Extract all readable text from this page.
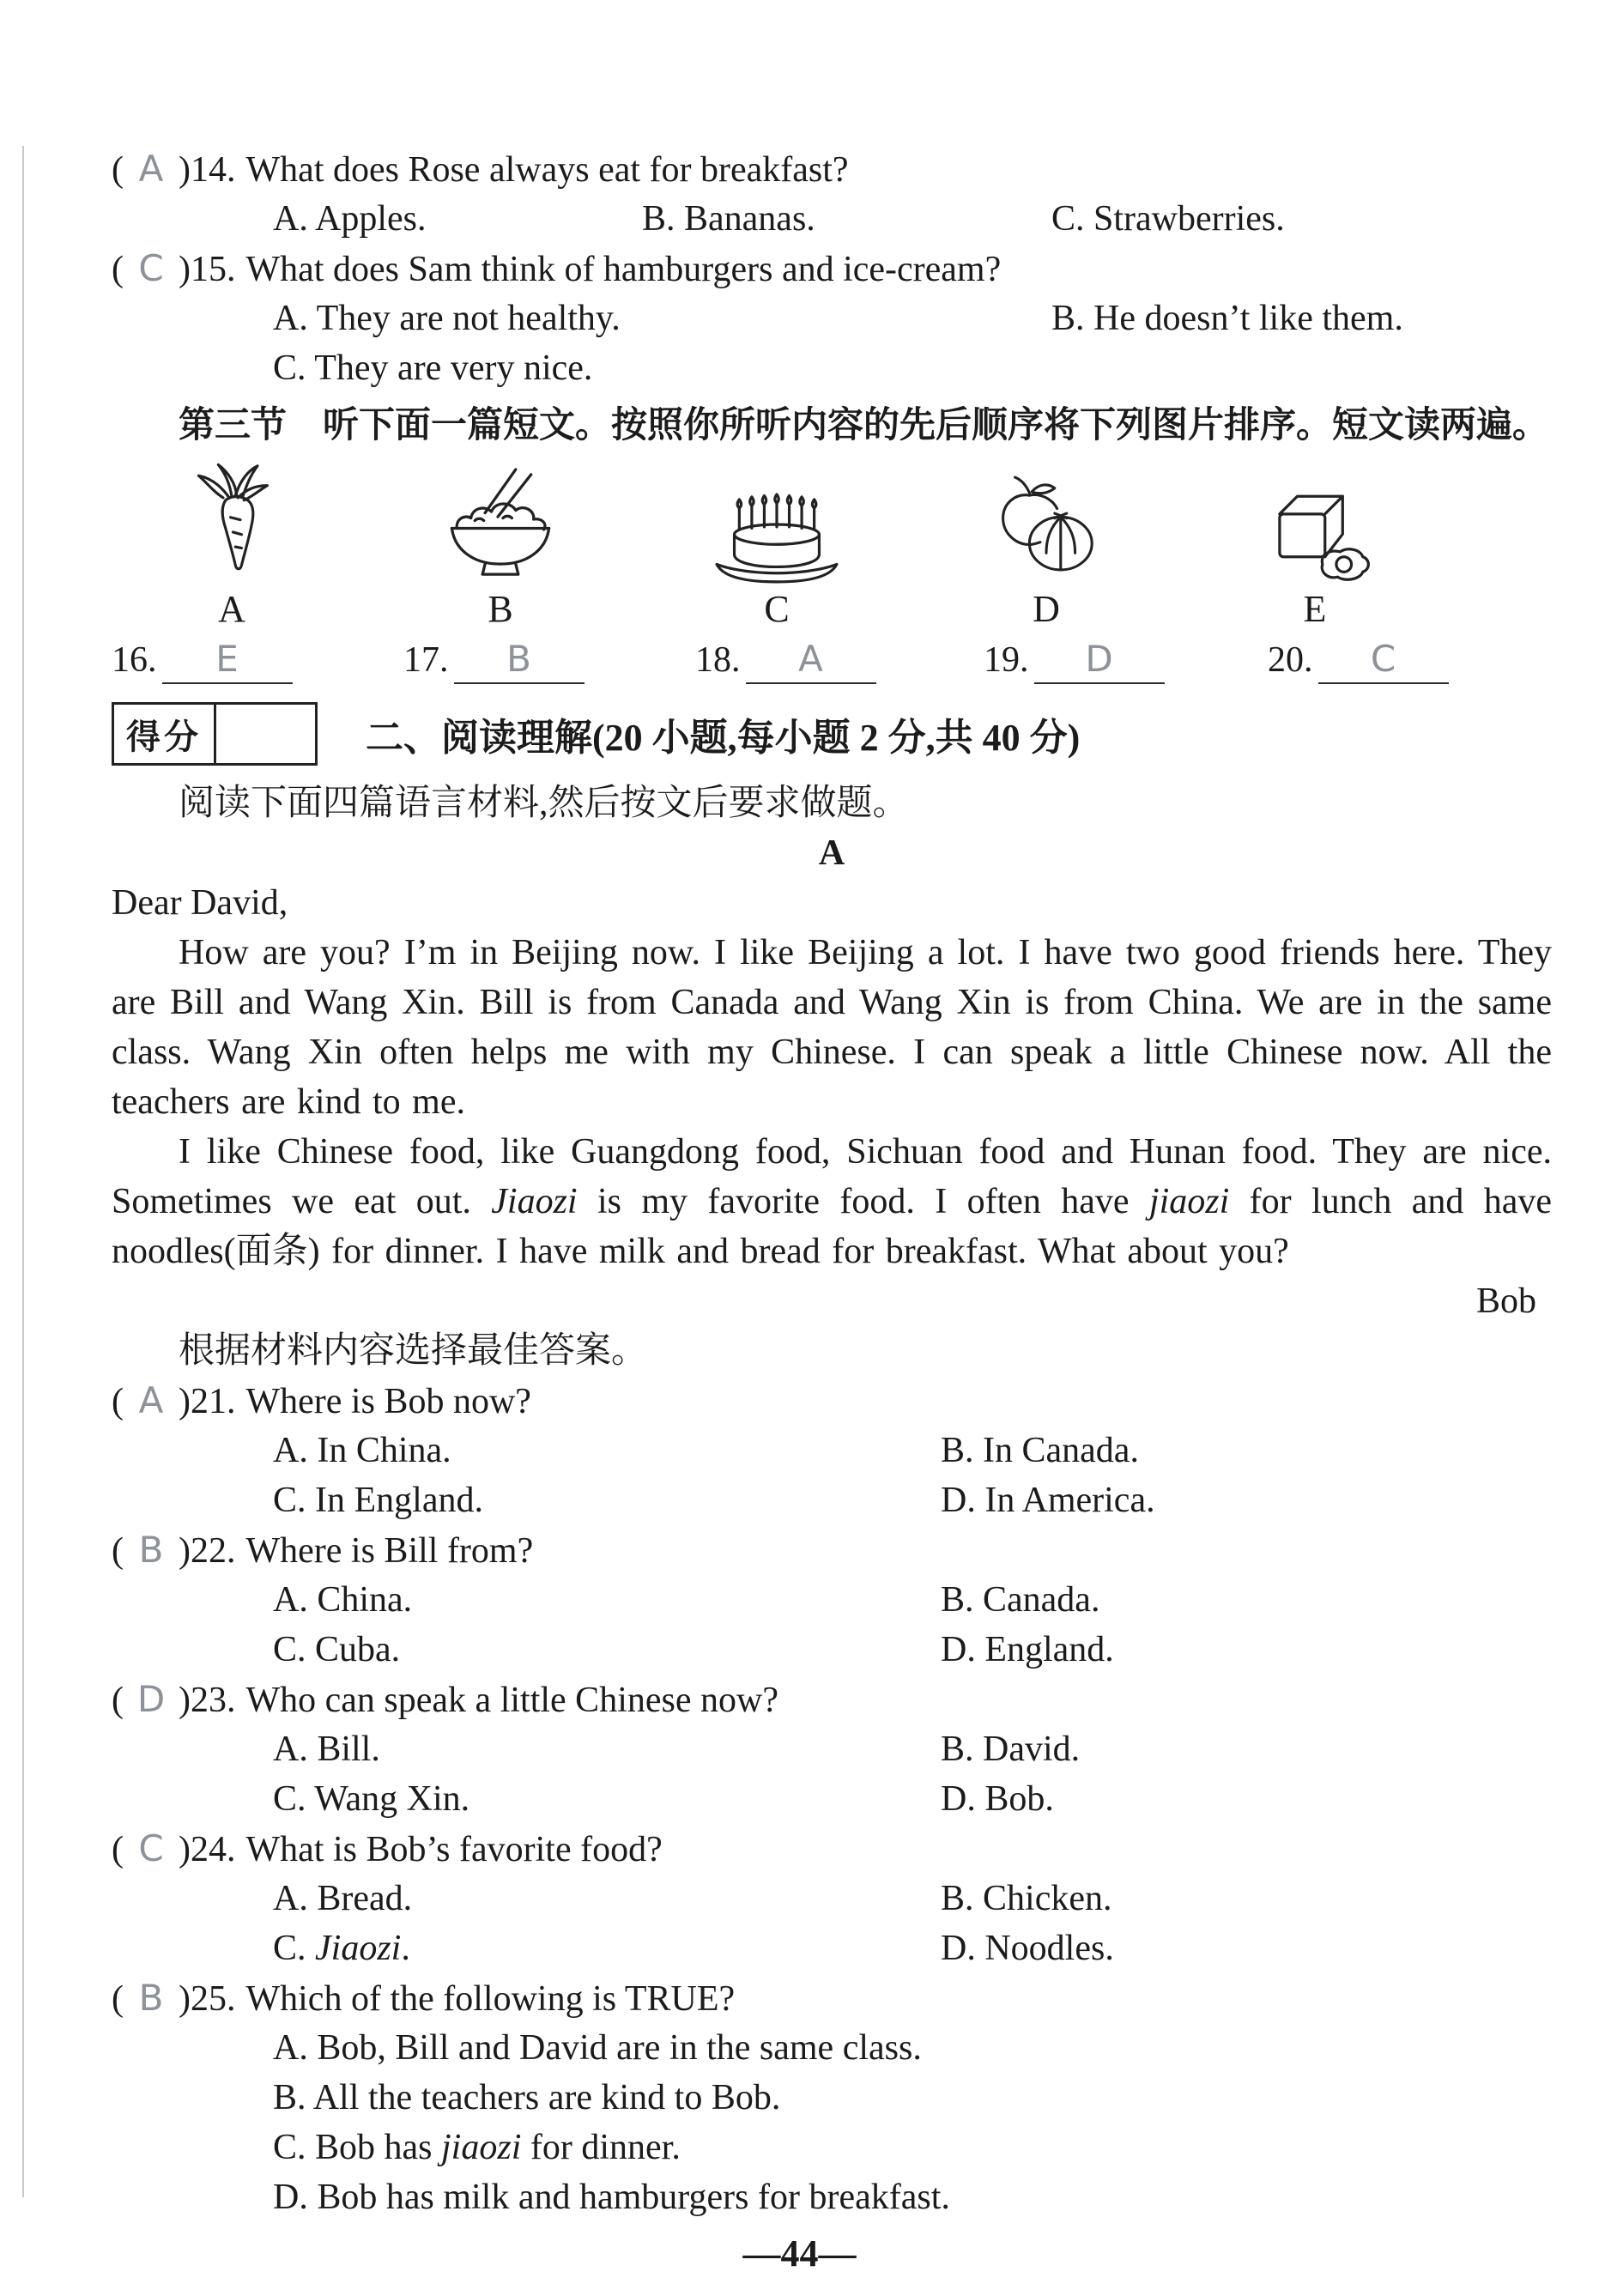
( A )14. What does Rose always eat for breakfast?
A. Apples.	B. Bananas.	C. Strawberries.
( C )15. What does Sam think of hamburgers and ice-cream?
A. They are not healthy.	B. He doesn’t like them.
C. They are very nice.
第三节　听下面一篇短文。按照你所听内容的先后顺序将下列图片排序。短文读两遍。
A	B	C	D	E
16. E	17. B	18. A	19. D	20. C
得分	二、阅读理解(20 小题,每小题 2 分,共 40 分)
阅读下面四篇语言材料,然后按文后要求做题。
A
Dear David,

How are you? I’m in Beijing now. I like Beijing a lot. I have two good friends here. They are Bill and Wang Xin. Bill is from Canada and Wang Xin is from China. We are in the same class. Wang Xin often helps me with my Chinese. I can speak a little Chinese now. All the teachers are kind to me.

I like Chinese food, like Guangdong food, Sichuan food and Hunan food. They are nice. Sometimes we eat out. Jiaozi is my favorite food. I often have jiaozi for lunch and have noodles(面条) for dinner. I have milk and bread for breakfast. What about you?

Bob
根据材料内容选择最佳答案。
( A )21. Where is Bob now?
A. In China.	B. In Canada.
C. In England.	D. In America.
( B )22. Where is Bill from?
A. China.	B. Canada.
C. Cuba.	D. England.
( D )23. Who can speak a little Chinese now?
A. Bill.	B. David.
C. Wang Xin.	D. Bob.
( C )24. What is Bob’s favorite food?
A. Bread.	B. Chicken.
C. Jiaozi.	D. Noodles.
( B )25. Which of the following is TRUE?
A. Bob, Bill and David are in the same class.
B. All the teachers are kind to Bob.
C. Bob has jiaozi for dinner.
D. Bob has milk and hamburgers for breakfast.
—44—
